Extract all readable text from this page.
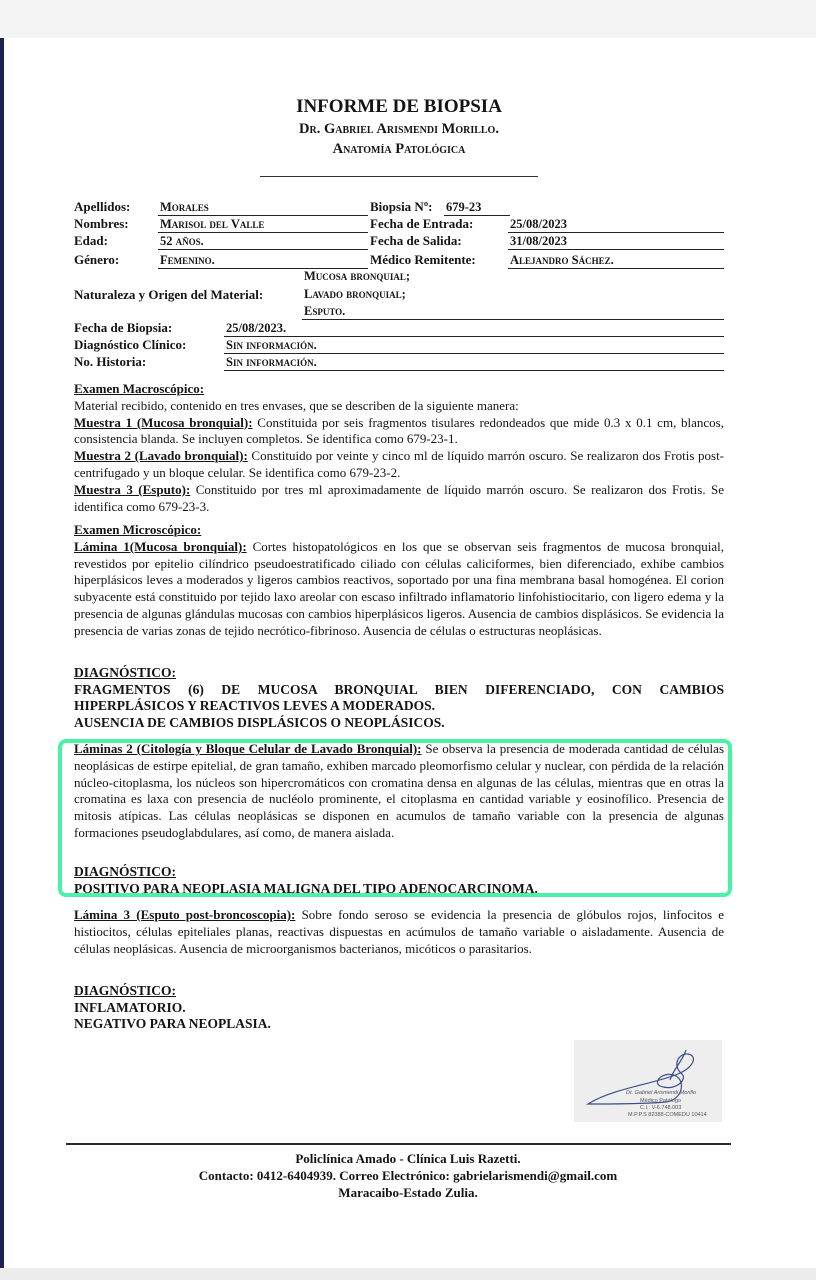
INFORME DE BIOPSIA
Dr. Gabriel Arismendi Morillo.
Anatomía Patológica
Apellidos: Morales
Nombres:	Marisol del Valle
Edad:	52 años.
Género:	Femenino.
Biopsia Nº: 679-23
Fecha de Entrada:	25/08/2023
Fecha de Salida:	31/08/2023
Médico Remitente:	Alejandro Sáchez.
Naturaleza y Origen del Material:
Mucosa bronquial;
Lavado bronquial;
Esputo.
Fecha de Biopsia:	25/08/2023.
Diagnóstico Clínico:	Sin información.
No. Historia:	Sin información.
Examen Macroscópico:
Material recibido, contenido en tres envases, que se describen de la siguiente manera:
Muestra 1 (Mucosa bronquial): Constituida por seis fragmentos tisulares redondeados que mide 0.3 x 0.1 cm, blancos, consistencia blanda. Se incluyen completos. Se identifica como 679-23-1.
Muestra 2 (Lavado bronquial): Constituido por veinte y cinco ml de líquido marrón oscuro. Se realizaron dos Frotis post-centrifugado y un bloque celular. Se identifica como 679-23-2.
Muestra 3 (Esputo): Constituido por tres ml aproximadamente de líquido marrón oscuro. Se realizaron dos Frotis. Se identifica como 679-23-3.
Examen Microscópico:
Lámina 1(Mucosa bronquial): Cortes histopatológicos en los que se observan seis fragmentos de mucosa bronquial, revestidos por epitelio cilíndrico pseudoestratificado ciliado con células caliciformes, bien diferenciado, exhibe cambios hiperplásicos leves a moderados y ligeros cambios reactivos, soportado por una fina membrana basal homogénea. El corion subyacente está constituido por tejido laxo areolar con escaso infiltrado inflamatorio linfohistiocitario, con ligero edema y la presencia de algunas glándulas mucosas con cambios hiperplásicos ligeros. Ausencia de cambios displásicos. Se evidencia la presencia de varias zonas de tejido necrótico-fibrinoso. Ausencia de células o estructuras neoplásicas.
DIAGNÓSTICO:
FRAGMENTOS (6) DE MUCOSA BRONQUIAL BIEN DIFERENCIADO, CON CAMBIOS HIPERPLÁSICOS Y REACTIVOS LEVES A MODERADOS.
AUSENCIA DE CAMBIOS DISPLÁSICOS O NEOPLÁSICOS.
Láminas 2 (Citología y Bloque Celular de Lavado Bronquial): Se observa la presencia de moderada cantidad de células neoplásicas de estirpe epitelial, de gran tamaño, exhiben marcado pleomorfismo celular y nuclear, con pérdida de la relación núcleo-citoplasma, los núcleos son hipercromáticos con cromatina densa en algunas de las células, mientras que en otras la cromatina es laxa con presencia de nucléolo prominente, el citoplasma en cantidad variable y eosinofílico. Presencia de mitosis atípicas. Las células neoplásicas se disponen en acumulos de tamaño variable con la presencia de algunas formaciones pseudoglabdulares, así como, de manera aislada.
DIAGNÓSTICO:
POSITIVO PARA NEOPLASIA MALIGNA DEL TIPO ADENOCARCINOMA.
Lámina 3 (Esputo post-broncoscopia): Sobre fondo seroso se evidencia la presencia de glóbulos rojos, linfocitos e histiocitos, células epiteliales planas, reactivas dispuestas en acúmulos de tamaño variable o aisladamente. Ausencia de células neoplásicas. Ausencia de microorganismos bacterianos, micóticos o parasitarios.
DIAGNÓSTICO:
INFLAMATORIO.
NEGATIVO PARA NEOPLASIA.
Dr. Gabriel Arismendi Morillo
Médico Patólogo
C.I.: V-6.748.003
M.P.P.S 82388-COMEDU 10414
Policlínica Amado - Clínica Luis Razetti.
Contacto: 0412-6404939. Correo Electrónico: gabrielarismendi@gmail.com
Maracaibo-Estado Zulia.
